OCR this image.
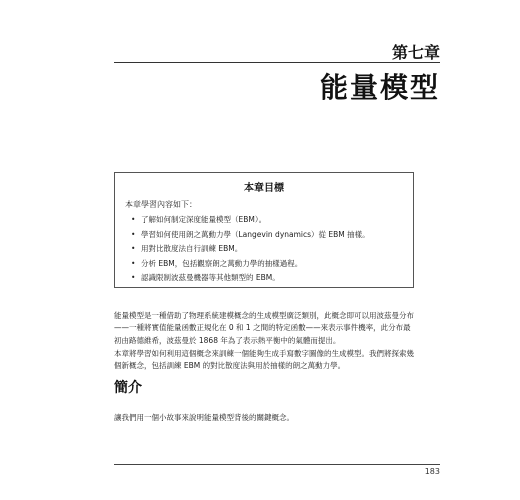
第七章
能量模型
本章目標
本章學習內容如下：
• 了解如何制定深度能量模型（EBM）。
• 學習如何使用朗之萬動力學（Langevin dynamics）從 EBM 抽樣。
• 用對比散度法自行訓練 EBM。
• 分析 EBM，包括觀察朗之萬動力學的抽樣過程。
• 認識限制波茲曼機器等其他類型的 EBM。

能量模型是一種借助了物理系統建模概念的生成模型廣泛類別，此概念即可以用波茲曼分布——一種將實值能量函數正規化在 0 和 1 之間的特定函數——來表示事件機率，此分布最初由路德維希，波茲曼於 1868 年為了表示熱平衡中的氣體而提出。

本章將學習如何利用這個概念來訓練一個能夠生成手寫數字圖像的生成模型。我們將探索幾個新概念，包括訓練 EBM 的對比散度法與用於抽樣的朗之萬動力學。

簡介

讓我們用一個小故事來說明能量模型背後的關鍵概念。

183
